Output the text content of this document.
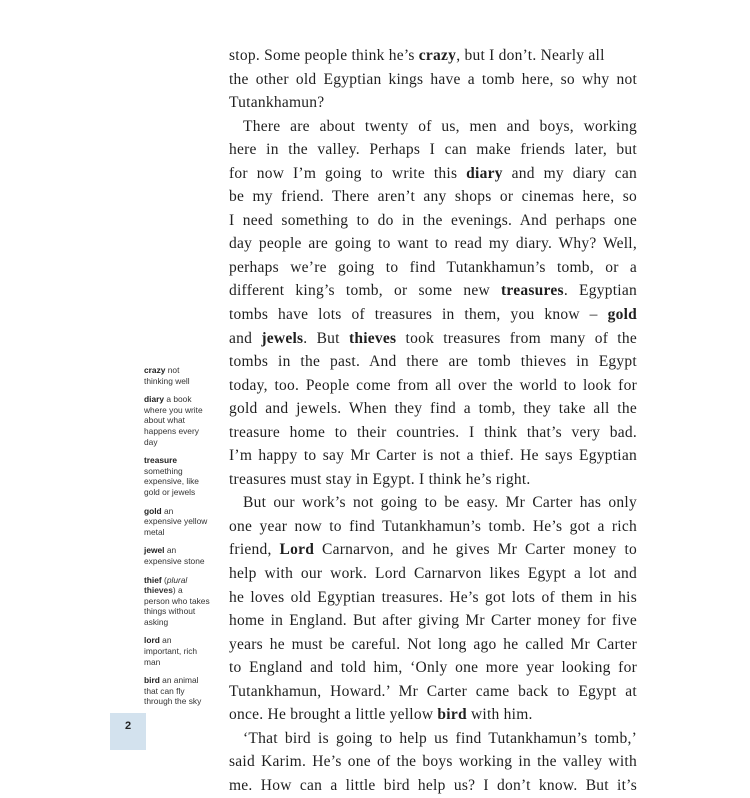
stop. Some people think he’s crazy, but I don’t. Nearly all
the other old Egyptian kings have a tomb here, so why not
Tutankhamun?
There are about twenty of us, men and boys, working
here in the valley. Perhaps I can make friends later, but
for now I’m going to write this diary and my diary can
be my friend. There aren’t any shops or cinemas here, so
I need something to do in the evenings. And perhaps one
day people are going to want to read my diary. Why? Well,
perhaps we’re going to find Tutankhamun’s tomb, or a
different king’s tomb, or some new treasures. Egyptian
tombs have lots of treasures in them, you know – gold
and jewels. But thieves took treasures from many of the
tombs in the past. And there are tomb thieves in Egypt
today, too. People come from all over the world to look for
gold and jewels. When they find a tomb, they take all the
treasure home to their countries. I think that’s very bad.
I’m happy to say Mr Carter is not a thief. He says Egyptian
treasures must stay in Egypt. I think he’s right.
But our work’s not going to be easy. Mr Carter has only
one year now to find Tutankhamun’s tomb. He’s got a rich
friend, Lord Carnarvon, and he gives Mr Carter money to
help with our work. Lord Carnarvon likes Egypt a lot and
he loves old Egyptian treasures. He’s got lots of them in his
home in England. But after giving Mr Carter money for five
years he must be careful. Not long ago he called Mr Carter
to England and told him, ‘Only one more year looking for
Tutankhamun, Howard.’ Mr Carter came back to Egypt at
once. He brought a little yellow bird with him.
‘That bird is going to help us find Tutankhamun’s tomb,’
said Karim. He’s one of the boys working in the valley with
me. How can a little bird help us? I don’t know. But it’s
crazy not thinking well
diary a book where you write about what happens every day
treasure something expensive, like gold or jewels
gold an expensive yellow metal
jewel an expensive stone
thief (plural thieves) a person who takes things without asking
lord an important, rich man
bird an animal that can fly through the sky
2
